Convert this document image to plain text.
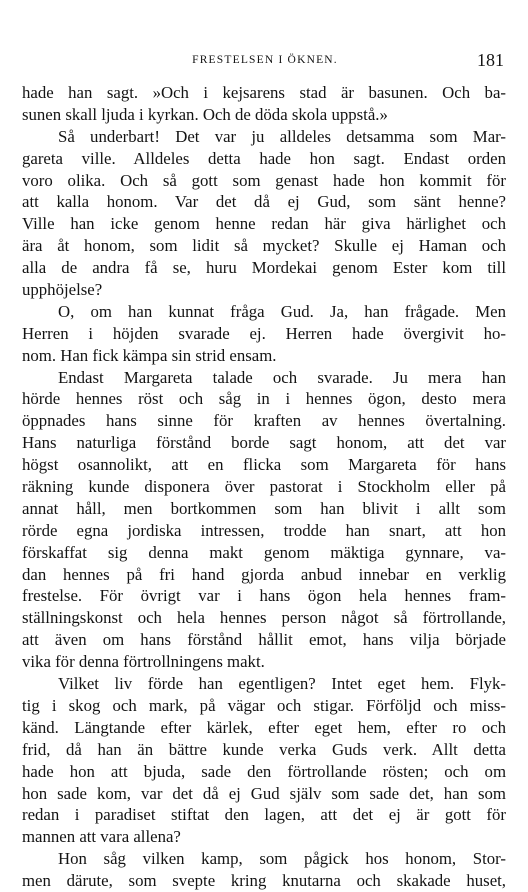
FRESTELSEN I ÖKNEN.	181
hade han sagt. »Och i kejsarens stad är basunen. Och ba-
sunen skall ljuda i kyrkan. Och de döda skola uppstå.»
Så underbart! Det var ju alldeles detsamma som Mar-
gareta ville. Alldeles detta hade hon sagt. Endast orden
voro olika. Och så gott som genast hade hon kommit för
att kalla honom. Var det då ej Gud, som sänt henne?
Ville han icke genom henne redan här giva härlighet och
ära åt honom, som lidit så mycket? Skulle ej Haman och
alla de andra få se, huru Mordekai genom Ester kom till
upphöjelse?
O, om han kunnat fråga Gud. Ja, han frågade. Men
Herren i höjden svarade ej. Herren hade övergivit ho-
nom. Han fick kämpa sin strid ensam.
Endast Margareta talade och svarade. Ju mera han
hörde hennes röst och såg in i hennes ögon, desto mera
öppnades hans sinne för kraften av hennes övertalning.
Hans naturliga förstånd borde sagt honom, att det var
högst osannolikt, att en flicka som Margareta för hans
räkning kunde disponera över pastorat i Stockholm eller på
annat håll, men bortkommen som han blivit i allt som
rörde egna jordiska intressen, trodde han snart, att hon
förskaffat sig denna makt genom mäktiga gynnare, va-
dan hennes på fri hand gjorda anbud innebar en verklig
frestelse. För övrigt var i hans ögon hela hennes fram-
ställningskonst och hela hennes person något så förtrollande,
att även om hans förstånd hållit emot, hans vilja började
vika för denna förtrollningens makt.
Vilket liv förde han egentligen? Intet eget hem. Flyk-
tig i skog och mark, på vägar och stigar. Förföljd och miss-
känd. Längtande efter kärlek, efter eget hem, efter ro och
frid, då han än bättre kunde verka Guds verk. Allt detta
hade hon att bjuda, sade den förtrollande rösten; och om
hon sade kom, var det då ej Gud själv som sade det, han som
redan i paradiset stiftat den lagen, att det ej är gott för
mannen att vara allena?
Hon såg vilken kamp, som pågick hos honom, Stor-
men därute, som svepte kring knutarna och skakade huset,
